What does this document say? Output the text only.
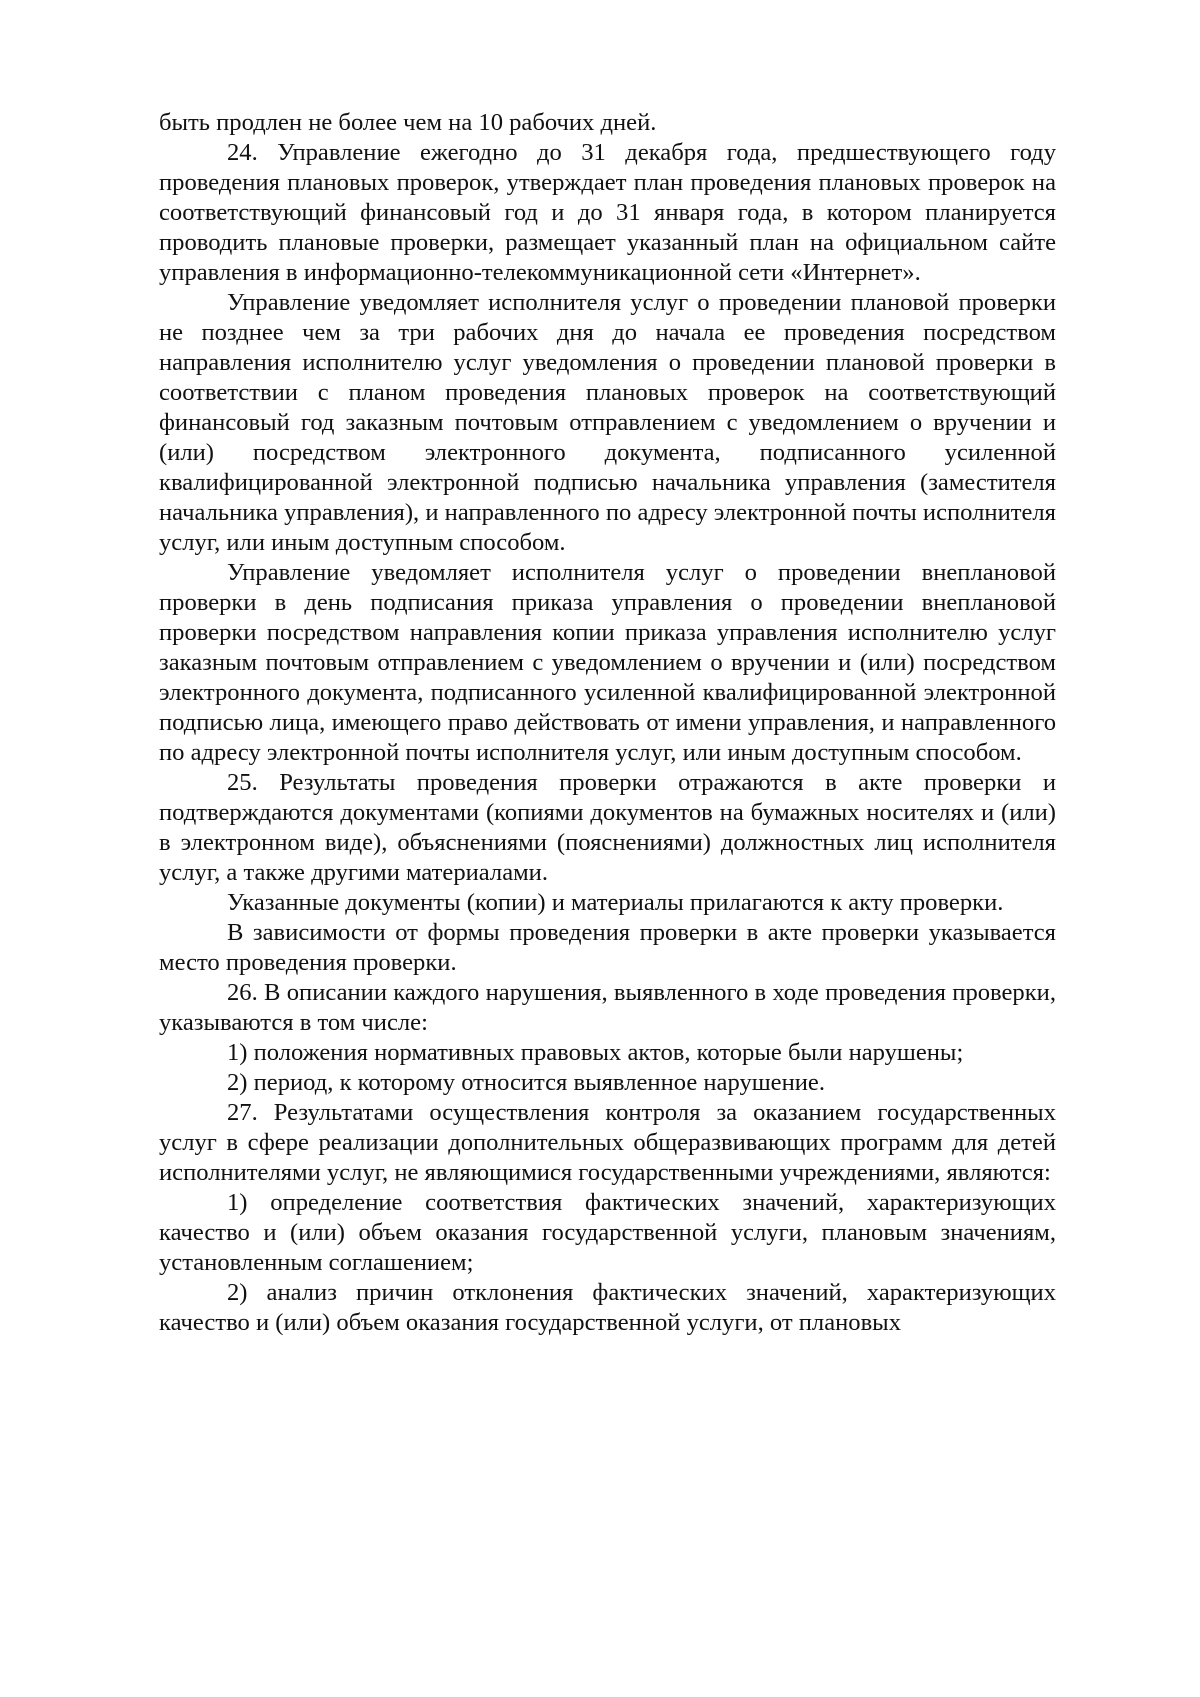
быть продлен не более чем на 10 рабочих дней.

24. Управление ежегодно до 31 декабря года, предшествующего году проведения плановых проверок, утверждает план проведения плановых проверок на соответствующий финансовый год и до 31 января года, в котором планируется проводить плановые проверки, размещает указанный план на официальном сайте управления в информационно-телекоммуникационной сети «Интернет».

Управление уведомляет исполнителя услуг о проведении плановой проверки не позднее чем за три рабочих дня до начала ее проведения посредством направления исполнителю услуг уведомления о проведении плановой проверки в соответствии с планом проведения плановых проверок на соответствующий финансовый год заказным почтовым отправлением с уведомлением о вручении и (или) посредством электронного документа, подписанного усиленной квалифицированной электронной подписью начальника управления (заместителя начальника управления), и направленного по адресу электронной почты исполнителя услуг, или иным доступным способом.

Управление уведомляет исполнителя услуг о проведении внеплановой проверки в день подписания приказа управления о проведении внеплановой проверки посредством направления копии приказа управления исполнителю услуг заказным почтовым отправлением с уведомлением о вручении и (или) посредством электронного документа, подписанного усиленной квалифицированной электронной подписью лица, имеющего право действовать от имени управления, и направленного по адресу электронной почты исполнителя услуг, или иным доступным способом.

25. Результаты проведения проверки отражаются в акте проверки и подтверждаются документами (копиями документов на бумажных носителях и (или) в электронном виде), объяснениями (пояснениями) должностных лиц исполнителя услуг, а также другими материалами.

Указанные документы (копии) и материалы прилагаются к акту проверки.

В зависимости от формы проведения проверки в акте проверки указывается место проведения проверки.

26. В описании каждого нарушения, выявленного в ходе проведения проверки, указываются в том числе:

1) положения нормативных правовых актов, которые были нарушены;

2) период, к которому относится выявленное нарушение.

27. Результатами осуществления контроля за оказанием государственных услуг в сфере реализации дополнительных общеразвивающих программ для детей исполнителями услуг, не являющимися государственными учреждениями, являются:

1) определение соответствия фактических значений, характеризующих качество и (или) объем оказания государственной услуги, плановым значениям, установленным соглашением;

2) анализ причин отклонения фактических значений, характеризующих качество и (или) объем оказания государственной услуги, от плановых
